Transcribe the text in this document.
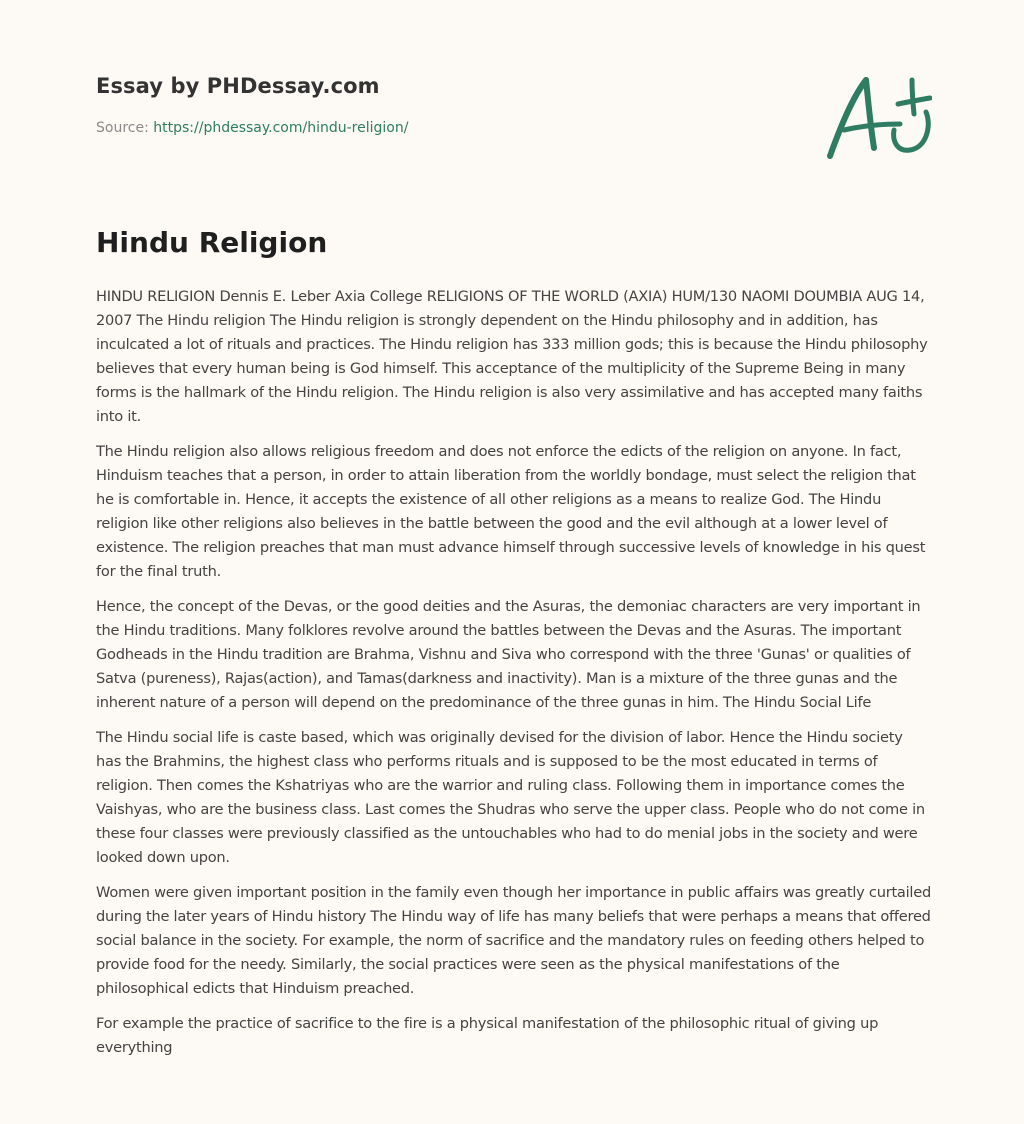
Essay by PHDessay.com
Source: https://phdessay.com/hindu-religion/
Hindu Religion

HINDU RELIGION Dennis E. Leber Axia College RELIGIONS OF THE WORLD (AXIA) HUM/130 NAOMI DOUMBIA AUG 14, 2007 The Hindu religion The Hindu religion is strongly dependent on the Hindu philosophy and in addition, has inculcated a lot of rituals and practices. The Hindu religion has 333 million gods; this is because the Hindu philosophy believes that every human being is God himself. This acceptance of the multiplicity of the Supreme Being in many forms is the hallmark of the Hindu religion. The Hindu religion is also very assimilative and has accepted many faiths into it.

The Hindu religion also allows religious freedom and does not enforce the edicts of the religion on anyone. In fact, Hinduism teaches that a person, in order to attain liberation from the worldly bondage, must select the religion that he is comfortable in. Hence, it accepts the existence of all other religions as a means to realize God. The Hindu religion like other religions also believes in the battle between the good and the evil although at a lower level of existence. The religion preaches that man must advance himself through successive levels of knowledge in his quest for the final truth.

Hence, the concept of the Devas, or the good deities and the Asuras, the demoniac characters are very important in the Hindu traditions. Many folklores revolve around the battles between the Devas and the Asuras. The important Godheads in the Hindu tradition are Brahma, Vishnu and Siva who correspond with the three 'Gunas' or qualities of Satva (pureness), Rajas(action), and Tamas(darkness and inactivity). Man is a mixture of the three gunas and the inherent nature of a person will depend on the predominance of the three gunas in him. The Hindu Social Life

The Hindu social life is caste based, which was originally devised for the division of labor. Hence the Hindu society has the Brahmins, the highest class who performs rituals and is supposed to be the most educated in terms of religion. Then comes the Kshatriyas who are the warrior and ruling class. Following them in importance comes the Vaishyas, who are the business class. Last comes the Shudras who serve the upper class. People who do not come in these four classes were previously classified as the untouchables who had to do menial jobs in the society and were looked down upon.

Women were given important position in the family even though her importance in public affairs was greatly curtailed during the later years of Hindu history The Hindu way of life has many beliefs that were perhaps a means that offered social balance in the society. For example, the norm of sacrifice and the mandatory rules on feeding others helped to provide food for the needy. Similarly, the social practices were seen as the physical manifestations of the philosophical edicts that Hinduism preached.

For example the practice of sacrifice to the fire is a physical manifestation of the philosophic ritual of giving up everything
